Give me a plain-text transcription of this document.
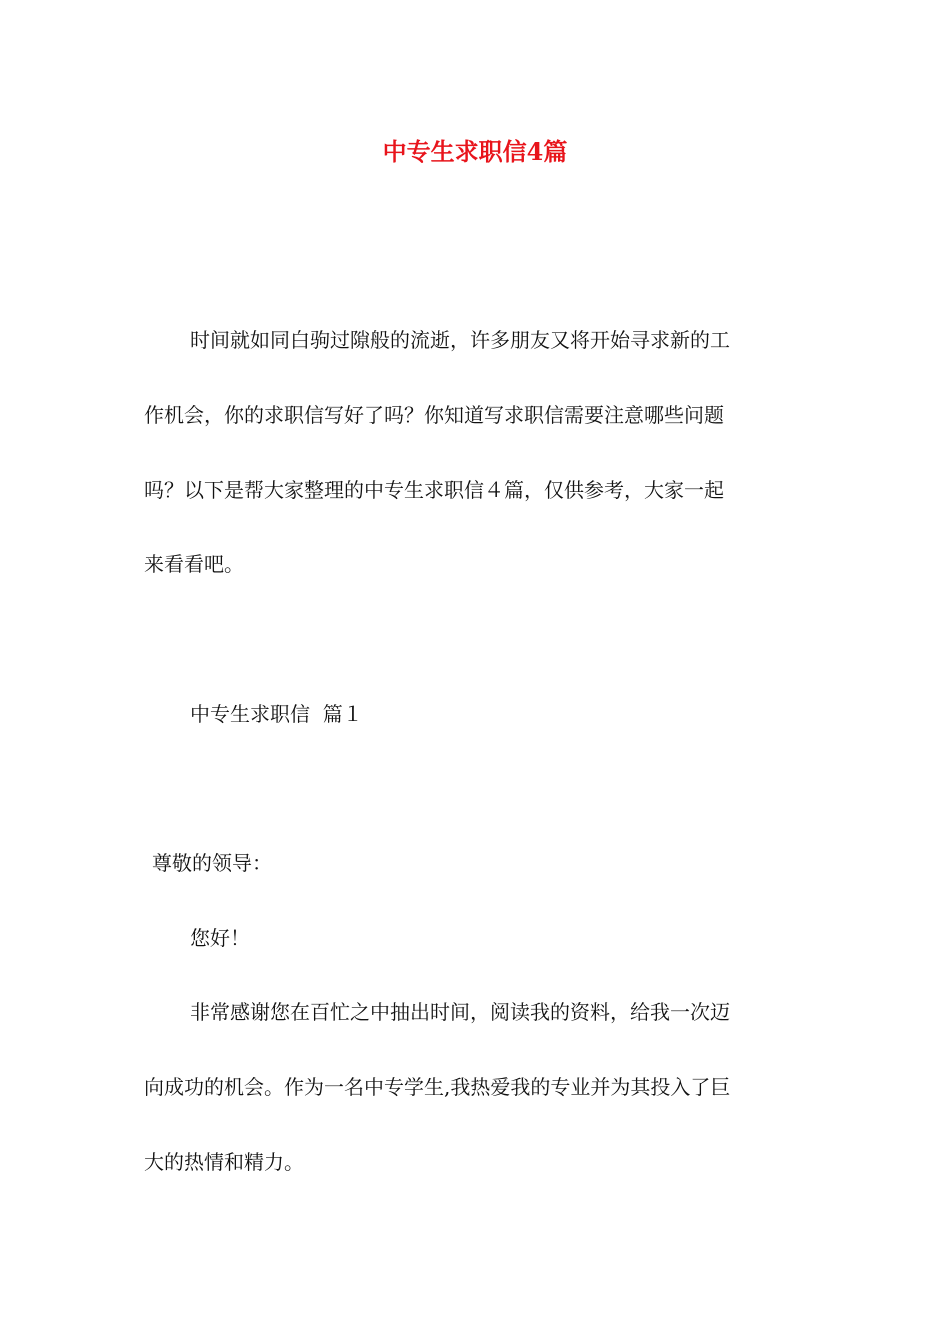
中专生求职信4篇
时间就如同白驹过隙般的流逝，许多朋友又将开始寻求新的工
作机会，你的求职信写好了吗？你知道写求职信需要注意哪些问题
吗？以下是帮大家整理的中专生求职信４篇，仅供参考，大家一起
来看看吧。
中专生求职信  篇１
尊敬的领导：
您好！
非常感谢您在百忙之中抽出时间，阅读我的资料，给我一次迈
向成功的机会。作为一名中专学生,我热爱我的专业并为其投入了巨
大的热情和精力。
